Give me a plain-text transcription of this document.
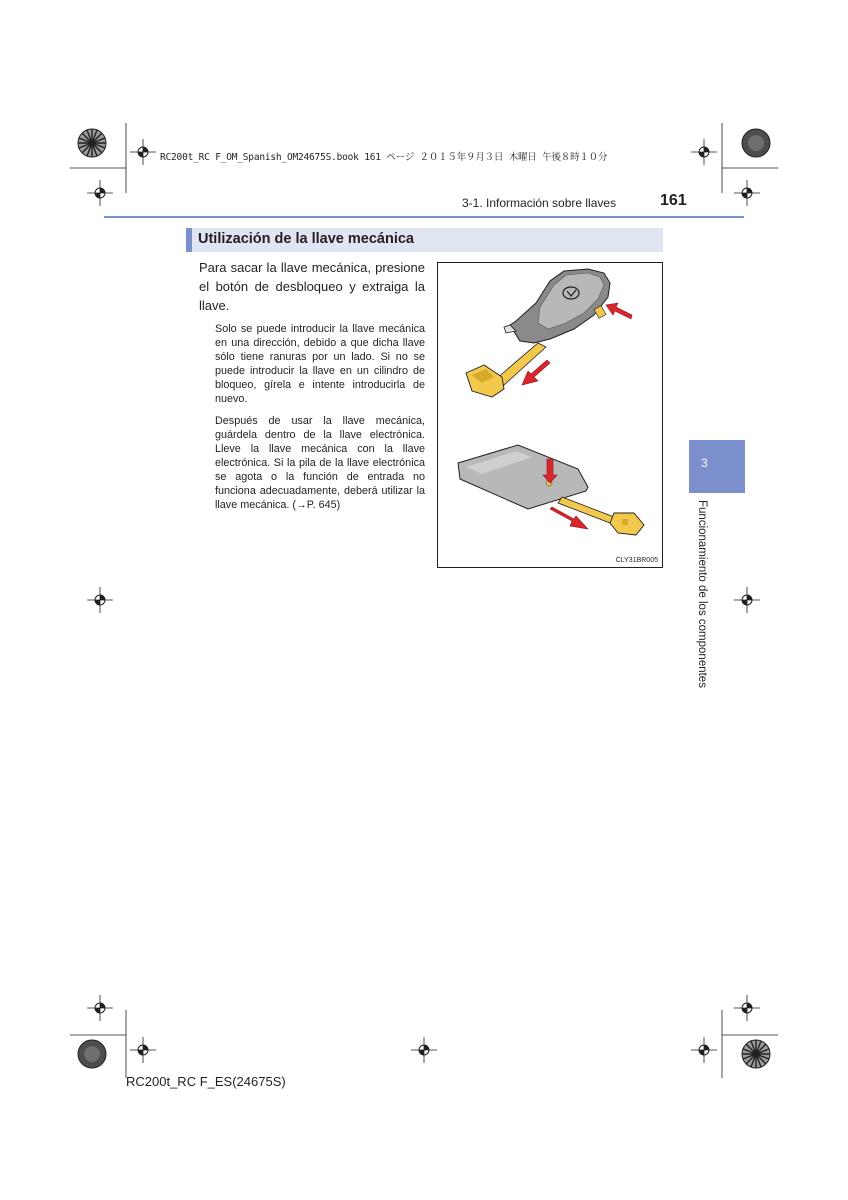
RC200t_RC F_OM_Spanish_OM24675S.book 161 ページ ２０１５年９月３日 木曜日 午後８時１０分
3-1. Información sobre llaves	161
Utilización de la llave mecánica
Para sacar la llave mecánica, presione el botón de desbloqueo y extraiga la llave.
Solo se puede introducir la llave mecánica en una dirección, debido a que dicha llave sólo tiene ranuras por un lado. Si no se puede introducir la llave en un cilindro de bloqueo, gírela e intente introducirla de nuevo.
Después de usar la llave mecánica, guárdela dentro de la llave electrónica. Lleve la llave mecánica con la llave electrónica. Si la pila de la llave electrónica se agota o la función de entrada no funciona adecuadamente, deberá utilizar la llave mecánica. (→P. 645)
CLY31BR005
3
Funcionamiento de los componentes
RC200t_RC F_ES(24675S)
